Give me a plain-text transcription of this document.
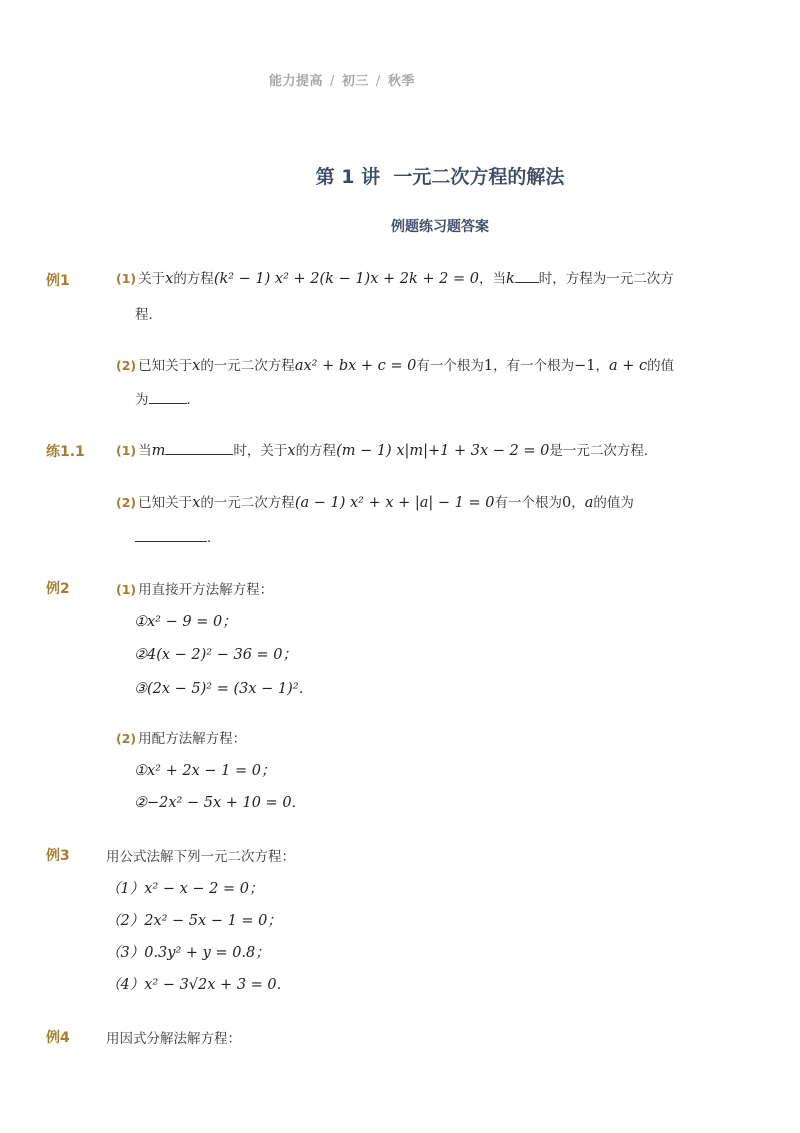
能力提高 / 初三 / 秋季
第 1 讲  一元二次方程的解法
例题练习题答案
例1	(1) 关于x的方程(k² − 1) x² + 2(k − 1)x + 2k + 2 = 0，当k 时，方程为一元二次方
程．
(2) 已知关于x的一元二次方程ax² + bx + c = 0有一个根为1，有一个根为−1，a + c的值
为	．
练1.1 (1) 当m	时，关于x的方程(m − 1) x|m|+1 + 3x − 2 = 0是一元二次方程．
(2) 已知关于x的一元二次方程(a − 1) x² + x + |a| − 1 = 0有一个根为0，a的值为
．
例2	(1) 用直接开方法解方程：
①x² − 9 = 0；
②4(x − 2)² − 36 = 0；
③(2x − 5)² = (3x − 1)²．
(2) 用配方法解方程：
①x² + 2x − 1 = 0；
②−2x² − 5x + 10 = 0．
例3	用公式法解下列一元二次方程：
（1）x² − x − 2 = 0；
（2）2x² − 5x − 1 = 0；
（3）0.3y² + y = 0.8；
（4）x² − 3√2x + 3 = 0．
例4	用因式分解法解方程：
